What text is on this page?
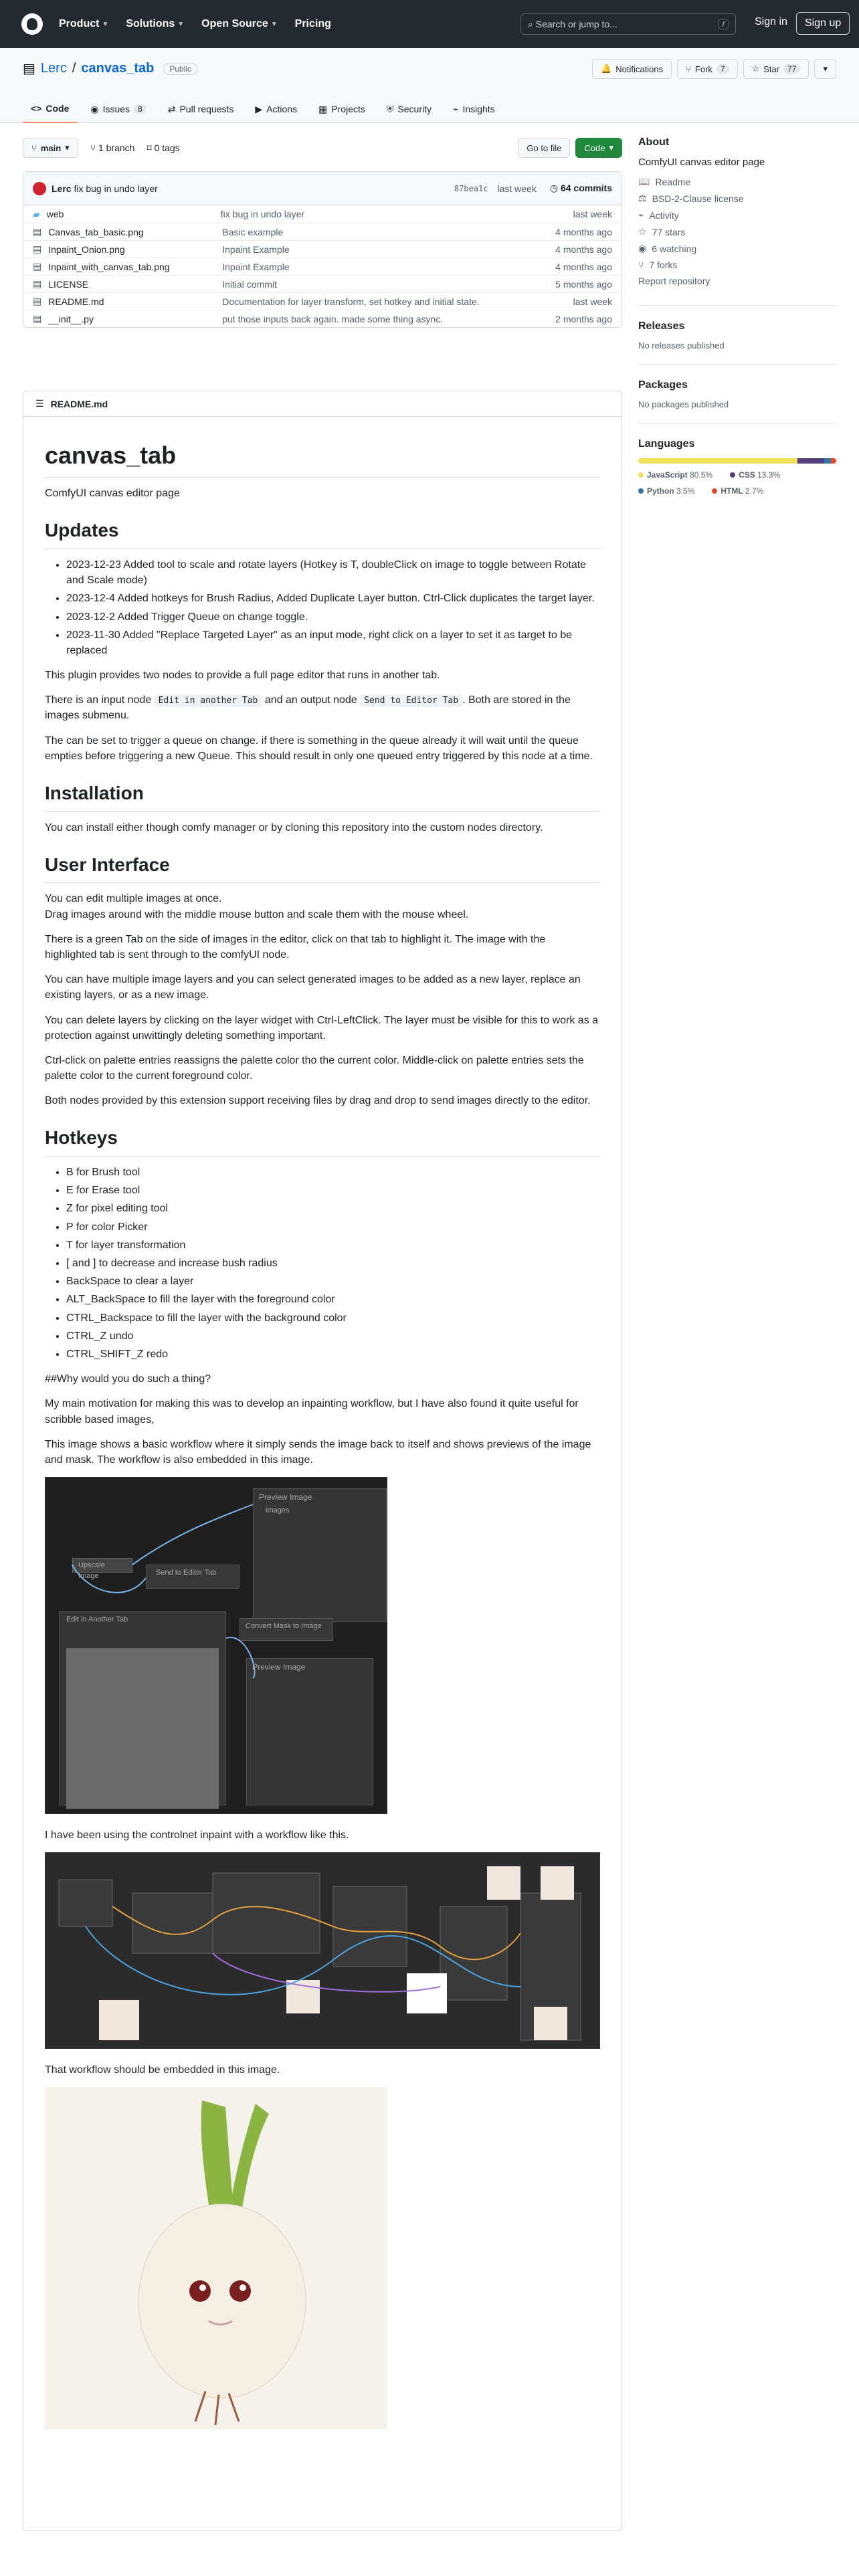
Product ▼ Solutions ▼ Open Source ▼ Pricing	⌕ Search or jump to...	/	Sign in	Sign up
▤ Lerc / canvas_tab	Public	🔔 Notifications	⑂ Fork	7	☆ Star	77	▾
<> Code ◉ Issues	8	⇄ Pull requests ▶ Actions ▦ Projects ⛨ Security ⌁ Insights
⑂ main ▾ ⑂ 1 branch ⌑ 0 tags	Go to file	Code ▾
Lerc
fix bug in undo layer	87bea1c last week ◷ 64 commits
▰ web	fix bug in undo layer	last week
▤ Canvas_tab_basic.png	Basic example	4 months ago
▤ Inpaint_Onion.png	Inpaint Example	4 months ago
▤ Inpaint_with_canvas_tab.png	Inpaint Example	4 months ago
▤ LICENSE	Initial commit	5 months ago
▤ README.md	Documentation for layer transform, set hotkey and initial state.	last week
▤ __init__.py	put those inputs back again. made some thing async.	2 months ago
☰ README.md
canvas_tab

ComfyUI canvas editor page

Updates
• 2023-12-23 Added tool to scale and rotate layers (Hotkey is T, doubleClick on image to toggle between Rotate and Scale mode)
• 2023-12-4 Added hotkeys for Brush Radius, Added Duplicate Layer button. Ctrl-Click duplicates the target layer.
• 2023-12-2 Added Trigger Queue on change toggle.
• 2023-11-30 Added "Replace Targeted Layer" as an input mode, right click on a layer to set it as target to be replaced

This plugin provides two nodes to provide a full page editor that runs in another tab.

There is an input node Edit in another Tab and an output node Send to Editor Tab . Both are stored in the images submenu.

The can be set to trigger a queue on change. if there is something in the queue already it will wait until the queue empties before triggering a new Queue. This should result in only one queued entry triggered by this node at a time.

Installation

You can install either though comfy manager or by cloning this repository into the custom nodes directory.

User Interface

You can edit multiple images at once.
Drag images around with the middle mouse button and scale them with the mouse wheel.

There is a green Tab on the side of images in the editor, click on that tab to highlight it. The image with the highlighted tab is sent through to the comfyUI node.

You can have multiple image layers and you can select generated images to be added as a new layer, replace an existing layers, or as a new image.

You can delete layers by clicking on the layer widget with Ctrl-LeftClick. The layer must be visible for this to work as a protection against unwittingly deleting something important.

Ctrl-click on palette entries reassigns the palette color tho the current color. Middle-click on palette entries sets the palette color to the current foreground color.

Both nodes provided by this extension support receiving files by drag and drop to send images directly to the editor.

Hotkeys
• B for Brush tool
• E for Erase tool
• Z for pixel editing tool
• P for color Picker
• T for layer transformation
• [ and ] to decrease and increase bush radius
• BackSpace to clear a layer
• ALT_BackSpace to fill the layer with the foreground color
• CTRL_Backspace to fill the layer with the background color
• CTRL_Z undo
• CTRL_SHIFT_Z redo

##Why would you do such a thing?

My main motivation for making this was to develop an inpainting workflow, but I have also found it quite useful for scribble based images,

This image shows a basic workflow where it simply sends the image back to itself and shows previews of the image and mask. The workflow is also embedded in this image.

Preview Image
images
Upscale Image	Send to Editor Tab
Edit in Another Tab
Convert Mask to Image
Preview Image

I have been using the controlnet inpaint with a workflow like this.

That workflow should be embedded in this image.

About

ComfyUI canvas editor page

📖 Readme
⚖ BSD-2-Clause license
⌁ Activity
☆ 77 stars
◉ 6 watching
⑂ 7 forks
Report repository
Releases

No releases published

Packages

No packages published

Languages
JavaScript 80.5%	CSS 13.3%
Python 3.5%	HTML 2.7%
